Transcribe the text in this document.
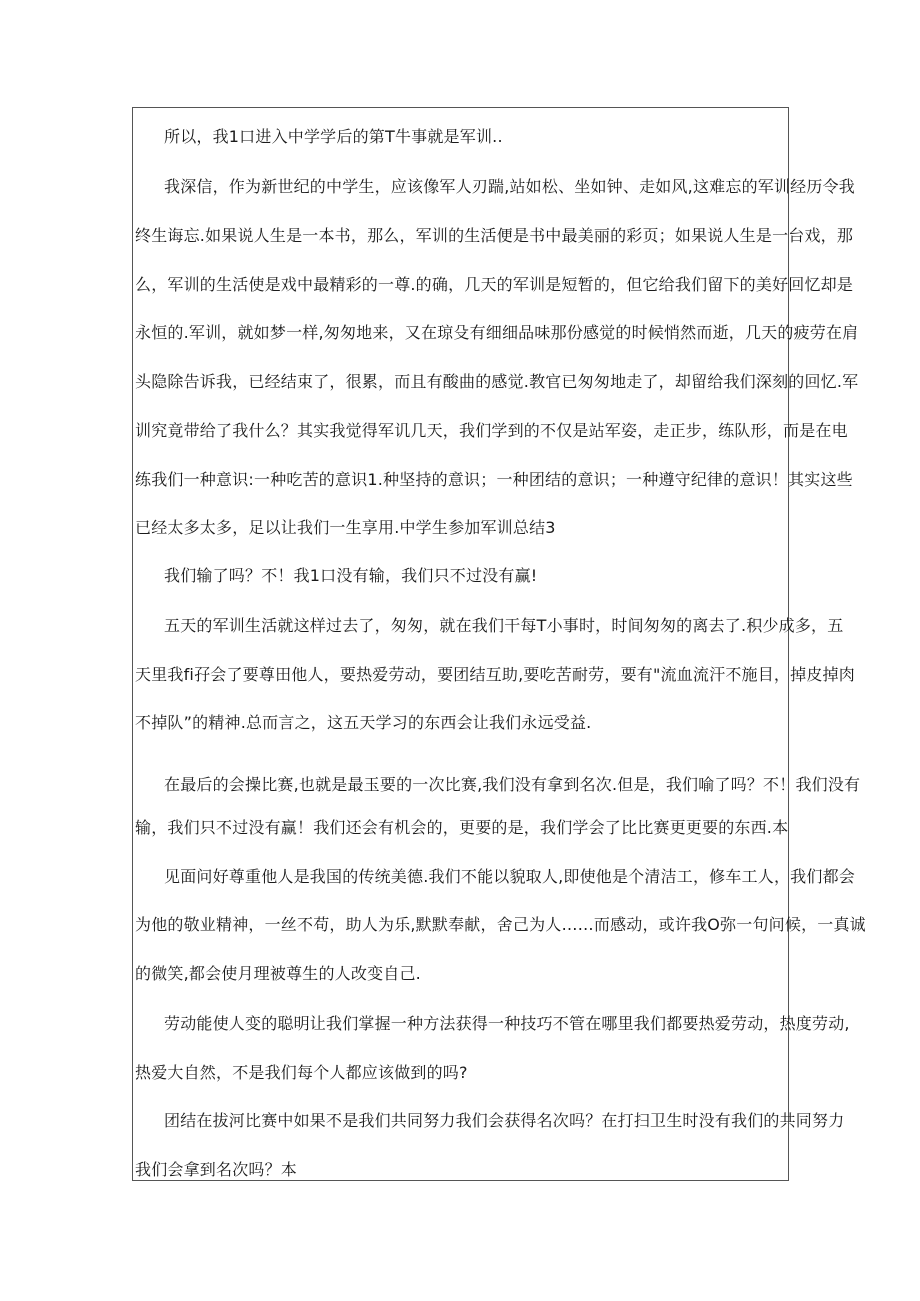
所以，我1口进入中学学后的第T牛事就是军训..

我深信，作为新世纪的中学生，应该像军人刃踹,站如松、坐如钟、走如风,这难忘的军训经历令我

终生诲忘.如果说人生是一本书，那么，军训的生活便是书中最美丽的彩页；如果说人生是一台戏，那

么，军训的生活使是戏中最精彩的一尊.的确，几天的军训是短暂的，但它给我们留下的美好回忆却是

永恒的.军训，就如梦一样,匆匆地来，又在琼殳有细细品味那份感觉的时候悄然而逝，几天的疲劳在肩

头隐除告诉我，已经结束了，很累，而且有酸曲的感觉.教官已匆匆地走了，却留给我们深刻的回忆.军

训究竟带给了我什么？其实我觉得军讥几天，我们学到的不仅是站军姿，走正步，练队形，而是在电

练我们一种意识:一种吃苦的意识1.种坚持的意识；一种团结的意识；一种遵守纪律的意识！其实这些

已经太多太多，足以让我们一生享用.中学生参加军训总结3

我们输了吗？不！我1口没有输，我们只不过没有赢!

五天的军训生活就这样过去了，匆匆，就在我们干每T小事时，时间匆匆的离去了.积少成多，五

天里我fi孖会了要尊田他人，要热爱劳动，要团结互助,要吃苦耐劳，要有"流血流汗不施目，掉皮掉肉

不掉队”的精神.总而言之，这五天学习的东西会让我们永远受益.

在最后的会操比赛,也就是最玉要的一次比赛,我们没有拿到名次.但是，我们喻了吗？不！我们没有

输，我们只不过没有赢！我们还会有机会的，更要的是，我们学会了比比赛更更要的东西.本

见面问好尊重他人是我国的传统美德.我们不能以貌取人,即使他是个清洁工，修车工人，我们都会

为他的敬业精神，一丝不苟，助人为乐,默默奉献，舍己为人……而感动，或许我O弥一句问候，一真诚

的微笑,都会使月理被尊生的人改变自己.

劳动能使人变的聪明让我们掌握一种方法获得一种技巧不管在哪里我们都要热爱劳动，热度劳动,

热爱大自然，不是我们每个人都应该做到的吗?

团结在拔河比赛中如果不是我们共同努力我们会获得名次吗？在打扫卫生时没有我们的共同努力

我们会拿到名次吗？本
